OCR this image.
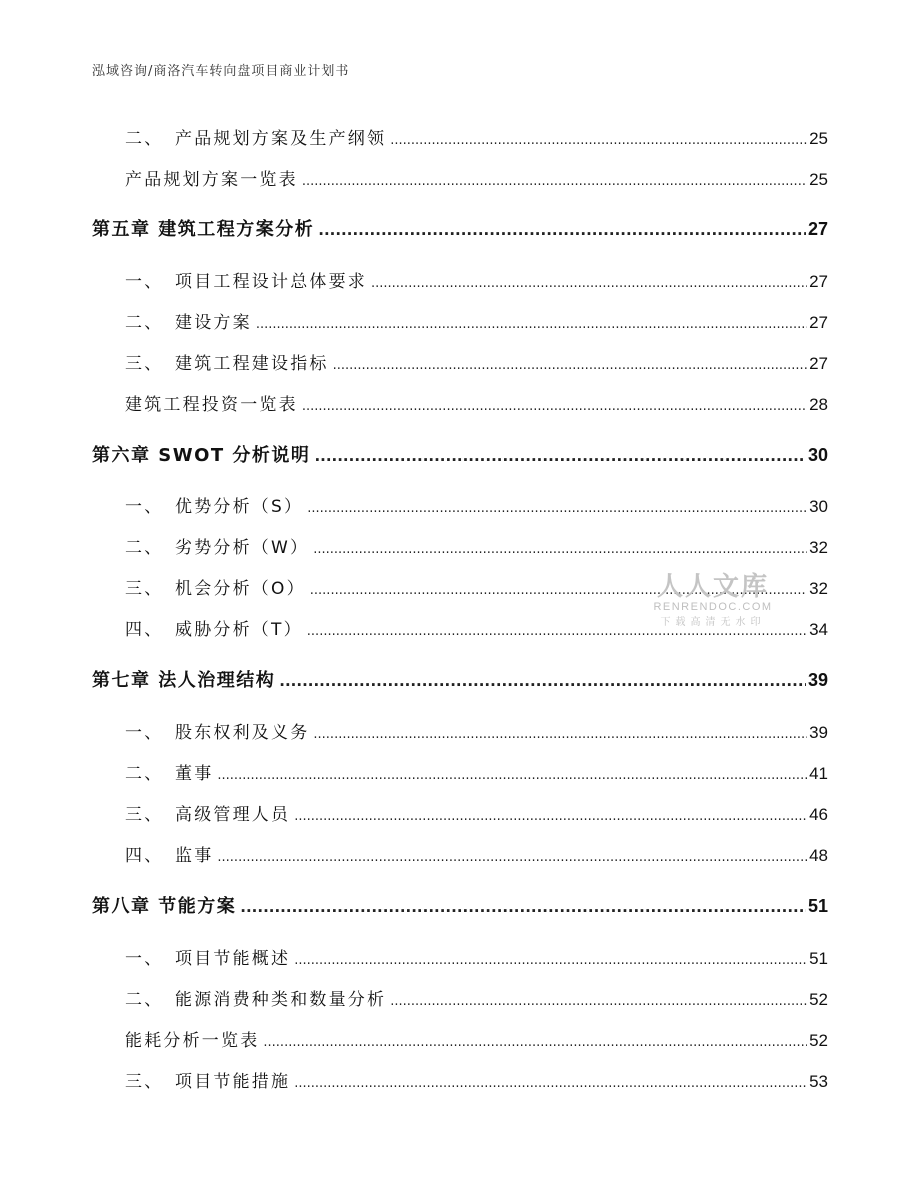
泓域咨询/商洛汽车转向盘项目商业计划书
二、 产品规划方案及生产纲领 .....	25
产品规划方案一览表 .....	25
第五章 建筑工程方案分析 .....	27
一、 项目工程设计总体要求 .....	27
二、 建设方案 .....	27
三、 建筑工程建设指标 .....	27
建筑工程投资一览表 .....	28
第六章 SWOT 分析说明 .....	30
一、 优势分析（S） .....	30
二、 劣势分析（W） .....	32
三、 机会分析（O） .....	32
四、 威胁分析（T） .....	34
第七章 法人治理结构 .....	39
一、 股东权利及义务 .....	39
二、 董事 .....	41
三、 高级管理人员 .....	46
四、 监事 .....	48
第八章 节能方案 .....	51
一、 项目节能概述 .....	51
二、 能源消费种类和数量分析 .....	52
能耗分析一览表 .....	52
三、 项目节能措施 .....	53
人人文库
RENRENDOC.COM
下载高清无水印
